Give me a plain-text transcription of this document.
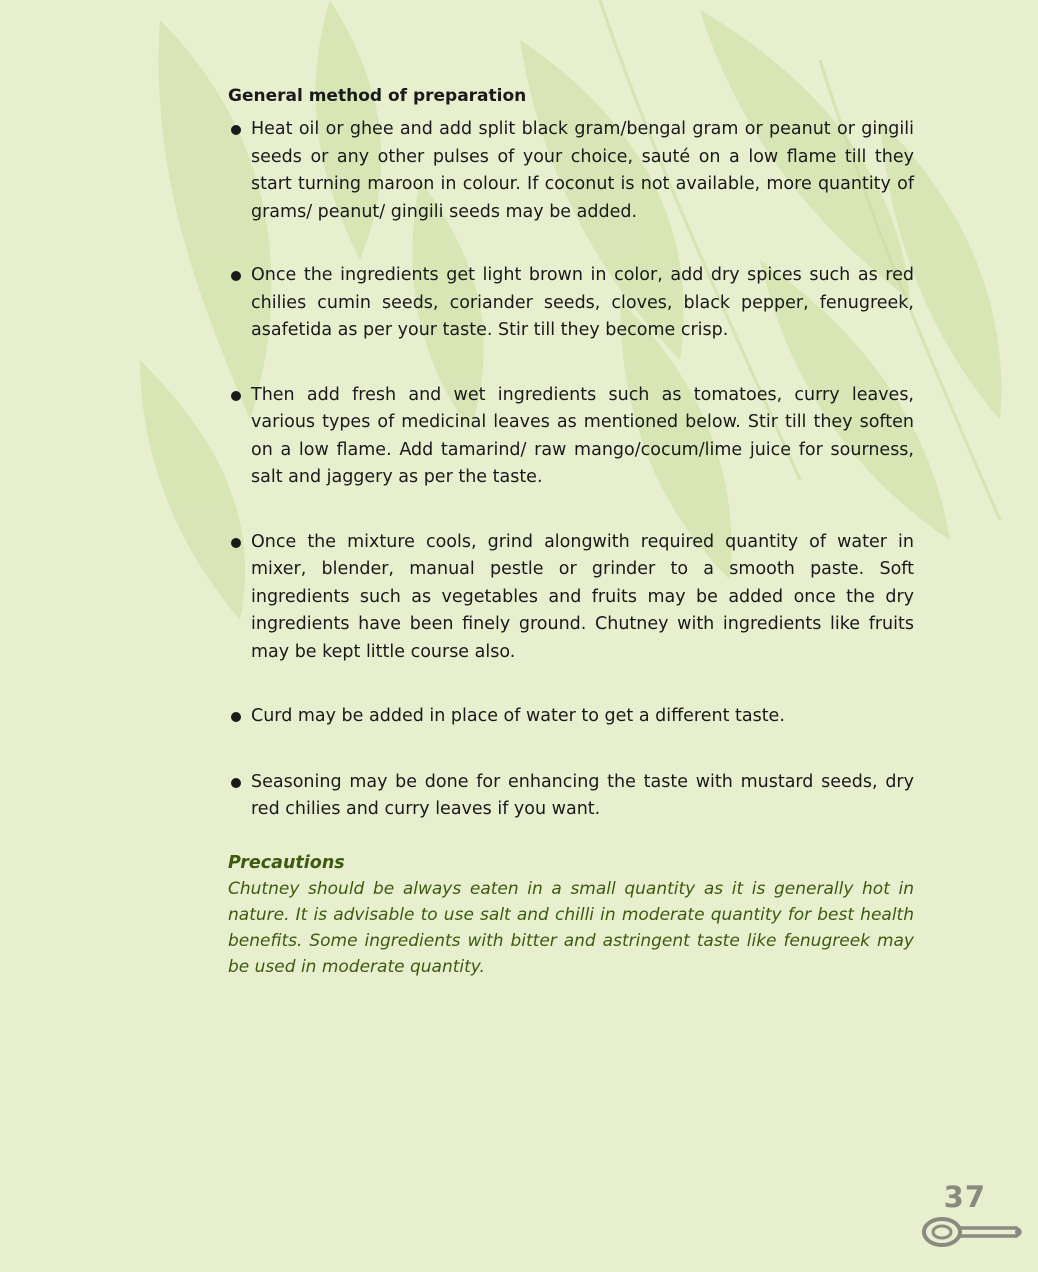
General method of preparation
Heat oil or ghee and add split black gram/bengal gram or peanut or gingili seeds or any other pulses of your choice, sauté on a low flame till they start turning maroon in colour. If coconut is not available, more quantity of grams/ peanut/ gingili seeds may be added.
Once the ingredients get light brown in color, add dry spices such as red chilies cumin seeds, coriander seeds, cloves, black pepper, fenugreek, asafetida as per your taste. Stir till they become crisp.
Then add fresh and wet ingredients such as tomatoes, curry leaves, various types of medicinal leaves as mentioned below. Stir till they soften on a low flame. Add tamarind/ raw mango/cocum/lime juice for sourness, salt and jaggery as per the taste.
Once the mixture cools, grind alongwith required quantity of water in mixer, blender, manual pestle or grinder to a smooth paste. Soft ingredients such as vegetables and fruits may be added once the dry ingredients have been finely ground. Chutney with ingredients like fruits may be kept little course also.
Curd may be added in place of water to get a different taste.
Seasoning may be done for enhancing the taste with mustard seeds, dry red chilies and curry leaves if you want.
Precautions
Chutney should be always eaten in a small quantity as it is generally hot in nature. It is advisable to use salt and chilli in moderate quantity for best health benefits. Some ingredients with bitter and astringent taste like fenugreek may be used in moderate quantity.
37
